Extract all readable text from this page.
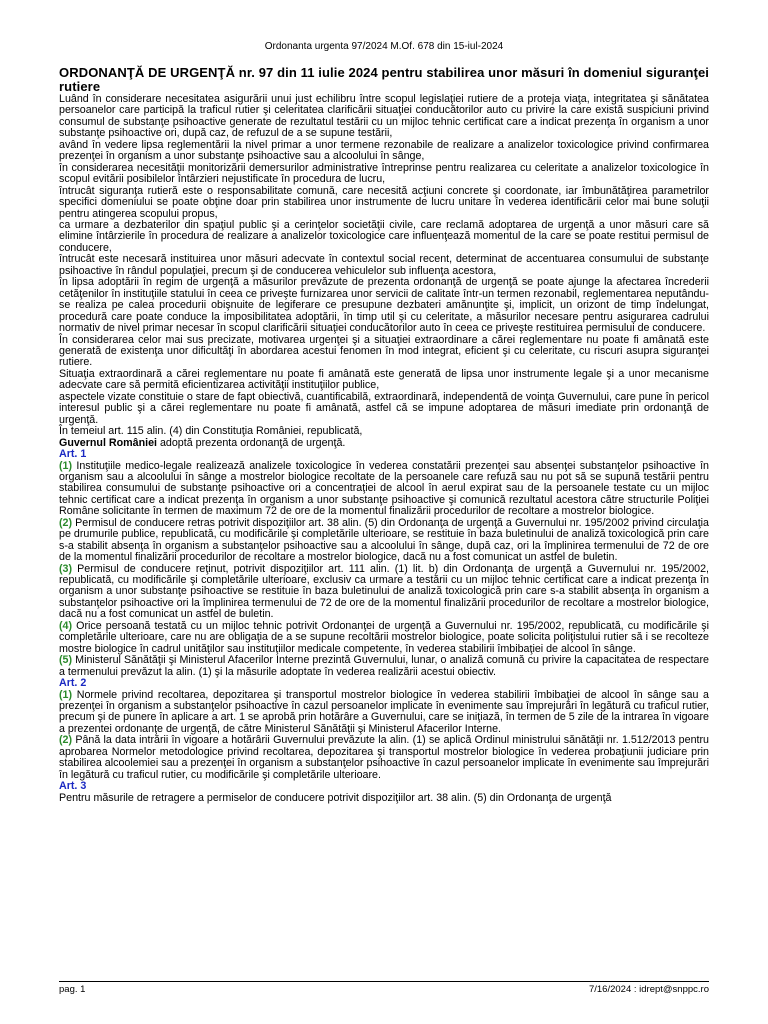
Ordonanta urgenta 97/2024 M.Of. 678 din 15-iul-2024
ORDONANŢĂ DE URGENŢĂ nr. 97 din 11 iulie 2024 pentru stabilirea unor măsuri în domeniul siguranţei rutiere

Luând în considerare necesitatea asigurării unui just echilibru între scopul legislaţiei rutiere de a proteja viaţa, integritatea şi sănătatea persoanelor care participă la traficul rutier şi celeritatea clarificării situaţiei conducătorilor auto cu privire la care există suspiciuni privind consumul de substanţe psihoactive generate de rezultatul testării cu un mijloc tehnic certificat care a indicat prezenţa în organism a unor substanţe psihoactive ori, după caz, de refuzul de a se supune testării,

având în vedere lipsa reglementării la nivel primar a unor termene rezonabile de realizare a analizelor toxicologice privind confirmarea prezenţei în organism a unor substanţe psihoactive sau a alcoolului în sânge,

în considerarea necesităţii monitorizării demersurilor administrative întreprinse pentru realizarea cu celeritate a analizelor toxicologice în scopul evitării posibilelor întârzieri nejustificate în procedura de lucru,

întrucât siguranţa rutieră este o responsabilitate comună, care necesită acţiuni concrete şi coordonate, iar îmbunătăţirea parametrilor specifici domeniului se poate obţine doar prin stabilirea unor instrumente de lucru unitare în vederea identificării celor mai bune soluţii pentru atingerea scopului propus,

ca urmare a dezbaterilor din spaţiul public şi a cerinţelor societăţii civile, care reclamă adoptarea de urgenţă a unor măsuri care să elimine întârzierile în procedura de realizare a analizelor toxicologice care influenţează momentul de la care se poate restitui permisul de conducere,

întrucât este necesară instituirea unor măsuri adecvate în contextul social recent, determinat de accentuarea consumului de substanţe psihoactive în rândul populaţiei, precum şi de conducerea vehiculelor sub influenţa acestora,

în lipsa adoptării în regim de urgenţă a măsurilor prevăzute de prezenta ordonanţă de urgenţă se poate ajunge la afectarea încrederii cetăţenilor în instituţiile statului în ceea ce priveşte furnizarea unor servicii de calitate într-un termen rezonabil, reglementarea neputându-se realiza pe calea procedurii obişnuite de legiferare ce presupune dezbateri amănunţite şi, implicit, un orizont de timp îndelungat, procedură care poate conduce la imposibilitatea adoptării, în timp util şi cu celeritate, a măsurilor necesare pentru asigurarea cadrului normativ de nivel primar necesar în scopul clarificării situaţiei conducătorilor auto în ceea ce priveşte restituirea permisului de conducere.

În considerarea celor mai sus precizate, motivarea urgenţei şi a situaţiei extraordinare a cărei reglementare nu poate fi amânată este generată de existenţa unor dificultăţi în abordarea acestui fenomen în mod integrat, eficient şi cu celeritate, cu riscuri asupra siguranţei rutiere.

Situaţia extraordinară a cărei reglementare nu poate fi amânată este generată de lipsa unor instrumente legale şi a unor mecanisme adecvate care să permită eficientizarea activităţii instituţiilor publice,

aspectele vizate constituie o stare de fapt obiectivă, cuantificabilă, extraordinară, independentă de voinţa Guvernului, care pune în pericol interesul public şi a cărei reglementare nu poate fi amânată, astfel că se impune adoptarea de măsuri imediate prin ordonanţă de urgenţă.

În temeiul art. 115 alin. (4) din Constituţia României, republicată,

Guvernul României adoptă prezenta ordonanţă de urgenţă.

Art. 1

(1) Instituţiile medico-legale realizează analizele toxicologice în vederea constatării prezenţei sau absenţei substanţelor psihoactive în organism sau a alcoolului în sânge a mostrelor biologice recoltate de la persoanele care refuză sau nu pot să se supună testării pentru stabilirea consumului de substanţe psihoactive ori a concentraţiei de alcool în aerul expirat sau de la persoanele testate cu un mijloc tehnic certificat care a indicat prezenţa în organism a unor substanţe psihoactive şi comunică rezultatul acestora către structurile Poliţiei Române solicitante în termen de maximum 72 de ore de la momentul finalizării procedurilor de recoltare a mostrelor biologice.

(2) Permisul de conducere retras potrivit dispoziţiilor art. 38 alin. (5) din Ordonanţa de urgenţă a Guvernului nr. 195/2002 privind circulaţia pe drumurile publice, republicată, cu modificările şi completările ulterioare, se restituie în baza buletinului de analiză toxicologică prin care s-a stabilit absenţa în organism a substanţelor psihoactive sau a alcoolului în sânge, după caz, ori la împlinirea termenului de 72 de ore de la momentul finalizării procedurilor de recoltare a mostrelor biologice, dacă nu a fost comunicat un astfel de buletin.

(3) Permisul de conducere reţinut, potrivit dispoziţiilor art. 111 alin. (1) lit. b) din Ordonanţa de urgenţă a Guvernului nr. 195/2002, republicată, cu modificările şi completările ulterioare, exclusiv ca urmare a testării cu un mijloc tehnic certificat care a indicat prezenţa în organism a unor substanţe psihoactive se restituie în baza buletinului de analiză toxicologică prin care s-a stabilit absenţa în organism a substanţelor psihoactive ori la împlinirea termenului de 72 de ore de la momentul finalizării procedurilor de recoltare a mostrelor biologice, dacă nu a fost comunicat un astfel de buletin.

(4) Orice persoană testată cu un mijloc tehnic potrivit Ordonanţei de urgenţă a Guvernului nr. 195/2002, republicată, cu modificările şi completările ulterioare, care nu are obligaţia de a se supune recoltării mostrelor biologice, poate solicita poliţistului rutier să i se recolteze mostre biologice în cadrul unităţilor sau instituţiilor medicale competente, în vederea stabilirii îmbibaţiei de alcool în sânge.

(5) Ministerul Sănătăţii şi Ministerul Afacerilor Interne prezintă Guvernului, lunar, o analiză comună cu privire la capacitatea de respectare a termenului prevăzut la alin. (1) şi la măsurile adoptate în vederea realizării acestui obiectiv.

Art. 2

(1) Normele privind recoltarea, depozitarea şi transportul mostrelor biologice în vederea stabilirii îmbibaţiei de alcool în sânge sau a prezenţei în organism a substanţelor psihoactive în cazul persoanelor implicate în evenimente sau împrejurări în legătură cu traficul rutier, precum şi de punere în aplicare a art. 1 se aprobă prin hotărâre a Guvernului, care se iniţiază, în termen de 5 zile de la intrarea în vigoare a prezentei ordonanţe de urgenţă, de către Ministerul Sănătăţii şi Ministerul Afacerilor Interne.

(2) Până la data intrării în vigoare a hotărârii Guvernului prevăzute la alin. (1) se aplică Ordinul ministrului sănătăţii nr. 1.512/2013 pentru aprobarea Normelor metodologice privind recoltarea, depozitarea şi transportul mostrelor biologice în vederea probaţiunii judiciare prin stabilirea alcoolemiei sau a prezenţei în organism a substanţelor psihoactive în cazul persoanelor implicate în evenimente sau împrejurări în legătură cu traficul rutier, cu modificările şi completările ulterioare.

Art. 3

Pentru măsurile de retragere a permiselor de conducere potrivit dispoziţiilor art. 38 alin. (5) din Ordonanţa de urgenţă

pag. 1	7/16/2024 : idrept@snppc.ro
